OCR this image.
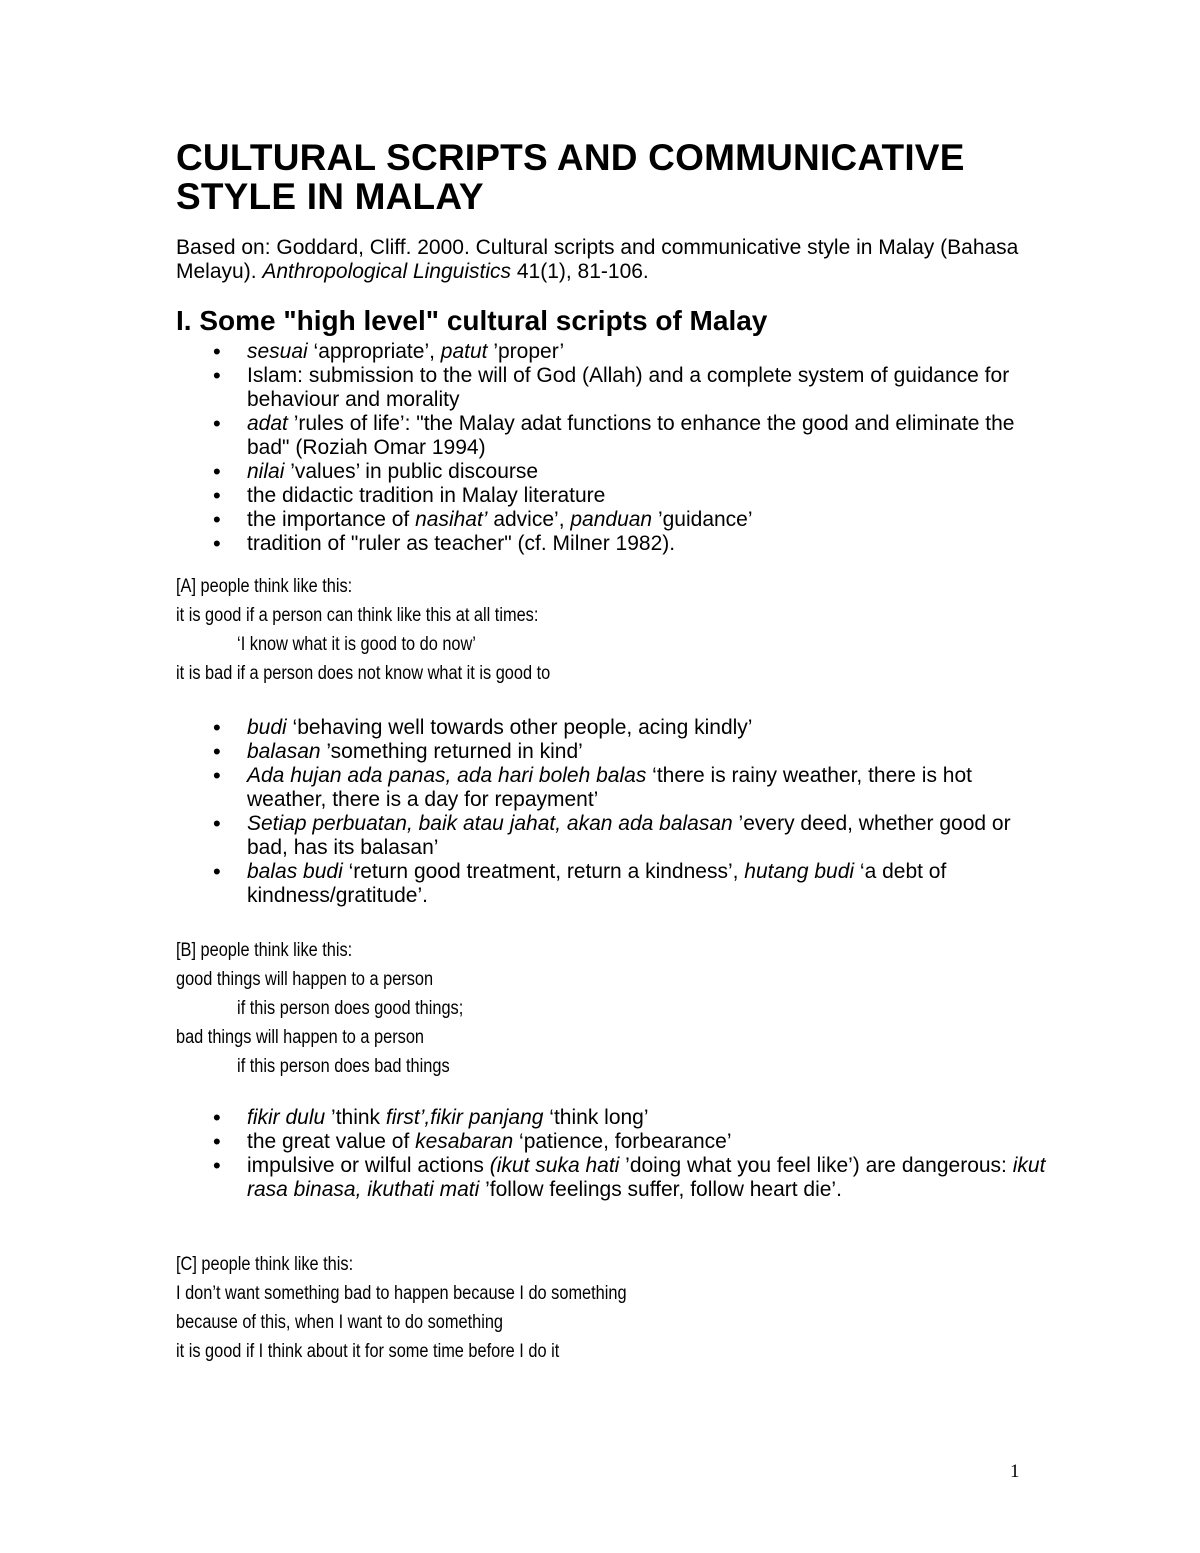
CULTURAL SCRIPTS AND COMMUNICATIVE STYLE IN MALAY
Based on: Goddard, Cliff. 2000. Cultural scripts and communicative style in Malay (Bahasa Melayu). Anthropological Linguistics 41(1), 81-106.
I. Some "high level" cultural scripts of Malay
• sesuai ‘appropriate’, patut ’proper’
• Islam: submission to the will of God (Allah) and a complete system of guidance for behaviour and morality
• adat ’rules of life’: "the Malay adat functions to enhance the good and eliminate the bad" (Roziah Omar 1994)
• nilai ’values’ in public discourse
• the didactic tradition in Malay literature
• the importance of nasihat’ advice’, panduan ’guidance’
• tradition of "ruler as teacher" (cf. Milner 1982).
[A] people think like this:
it is good if a person can think like this at all times:
‘I know what it is good to do now’
it is bad if a person does not know what it is good to
• budi ‘behaving well towards other people, acing kindly’
• balasan ’something returned in kind’
• Ada hujan ada panas, ada hari boleh balas ‘there is rainy weather, there is hot weather, there is a day for repayment’
• Setiap perbuatan, baik atau jahat, akan ada balasan ’every deed, whether good or bad, has its balasan’
• balas budi ‘return good treatment, return a kindness’, hutang budi ‘a debt of kindness/gratitude’.
[B] people think like this:
good things will happen to a person
if this person does good things;
bad things will happen to a person
if this person does bad things
• fikir dulu ’think first’,fikir panjang ‘think long’
• the great value of kesabaran ‘patience, forbearance’
• impulsive or wilful actions (ikut suka hati ’doing what you feel like’) are dangerous: ikut rasa binasa, ikuthati mati ’follow feelings suffer, follow heart die’.
[C] people think like this:
I don’t want something bad to happen because I do something
because of this, when I want to do something
it is good if I think about it for some time before I do it
1
